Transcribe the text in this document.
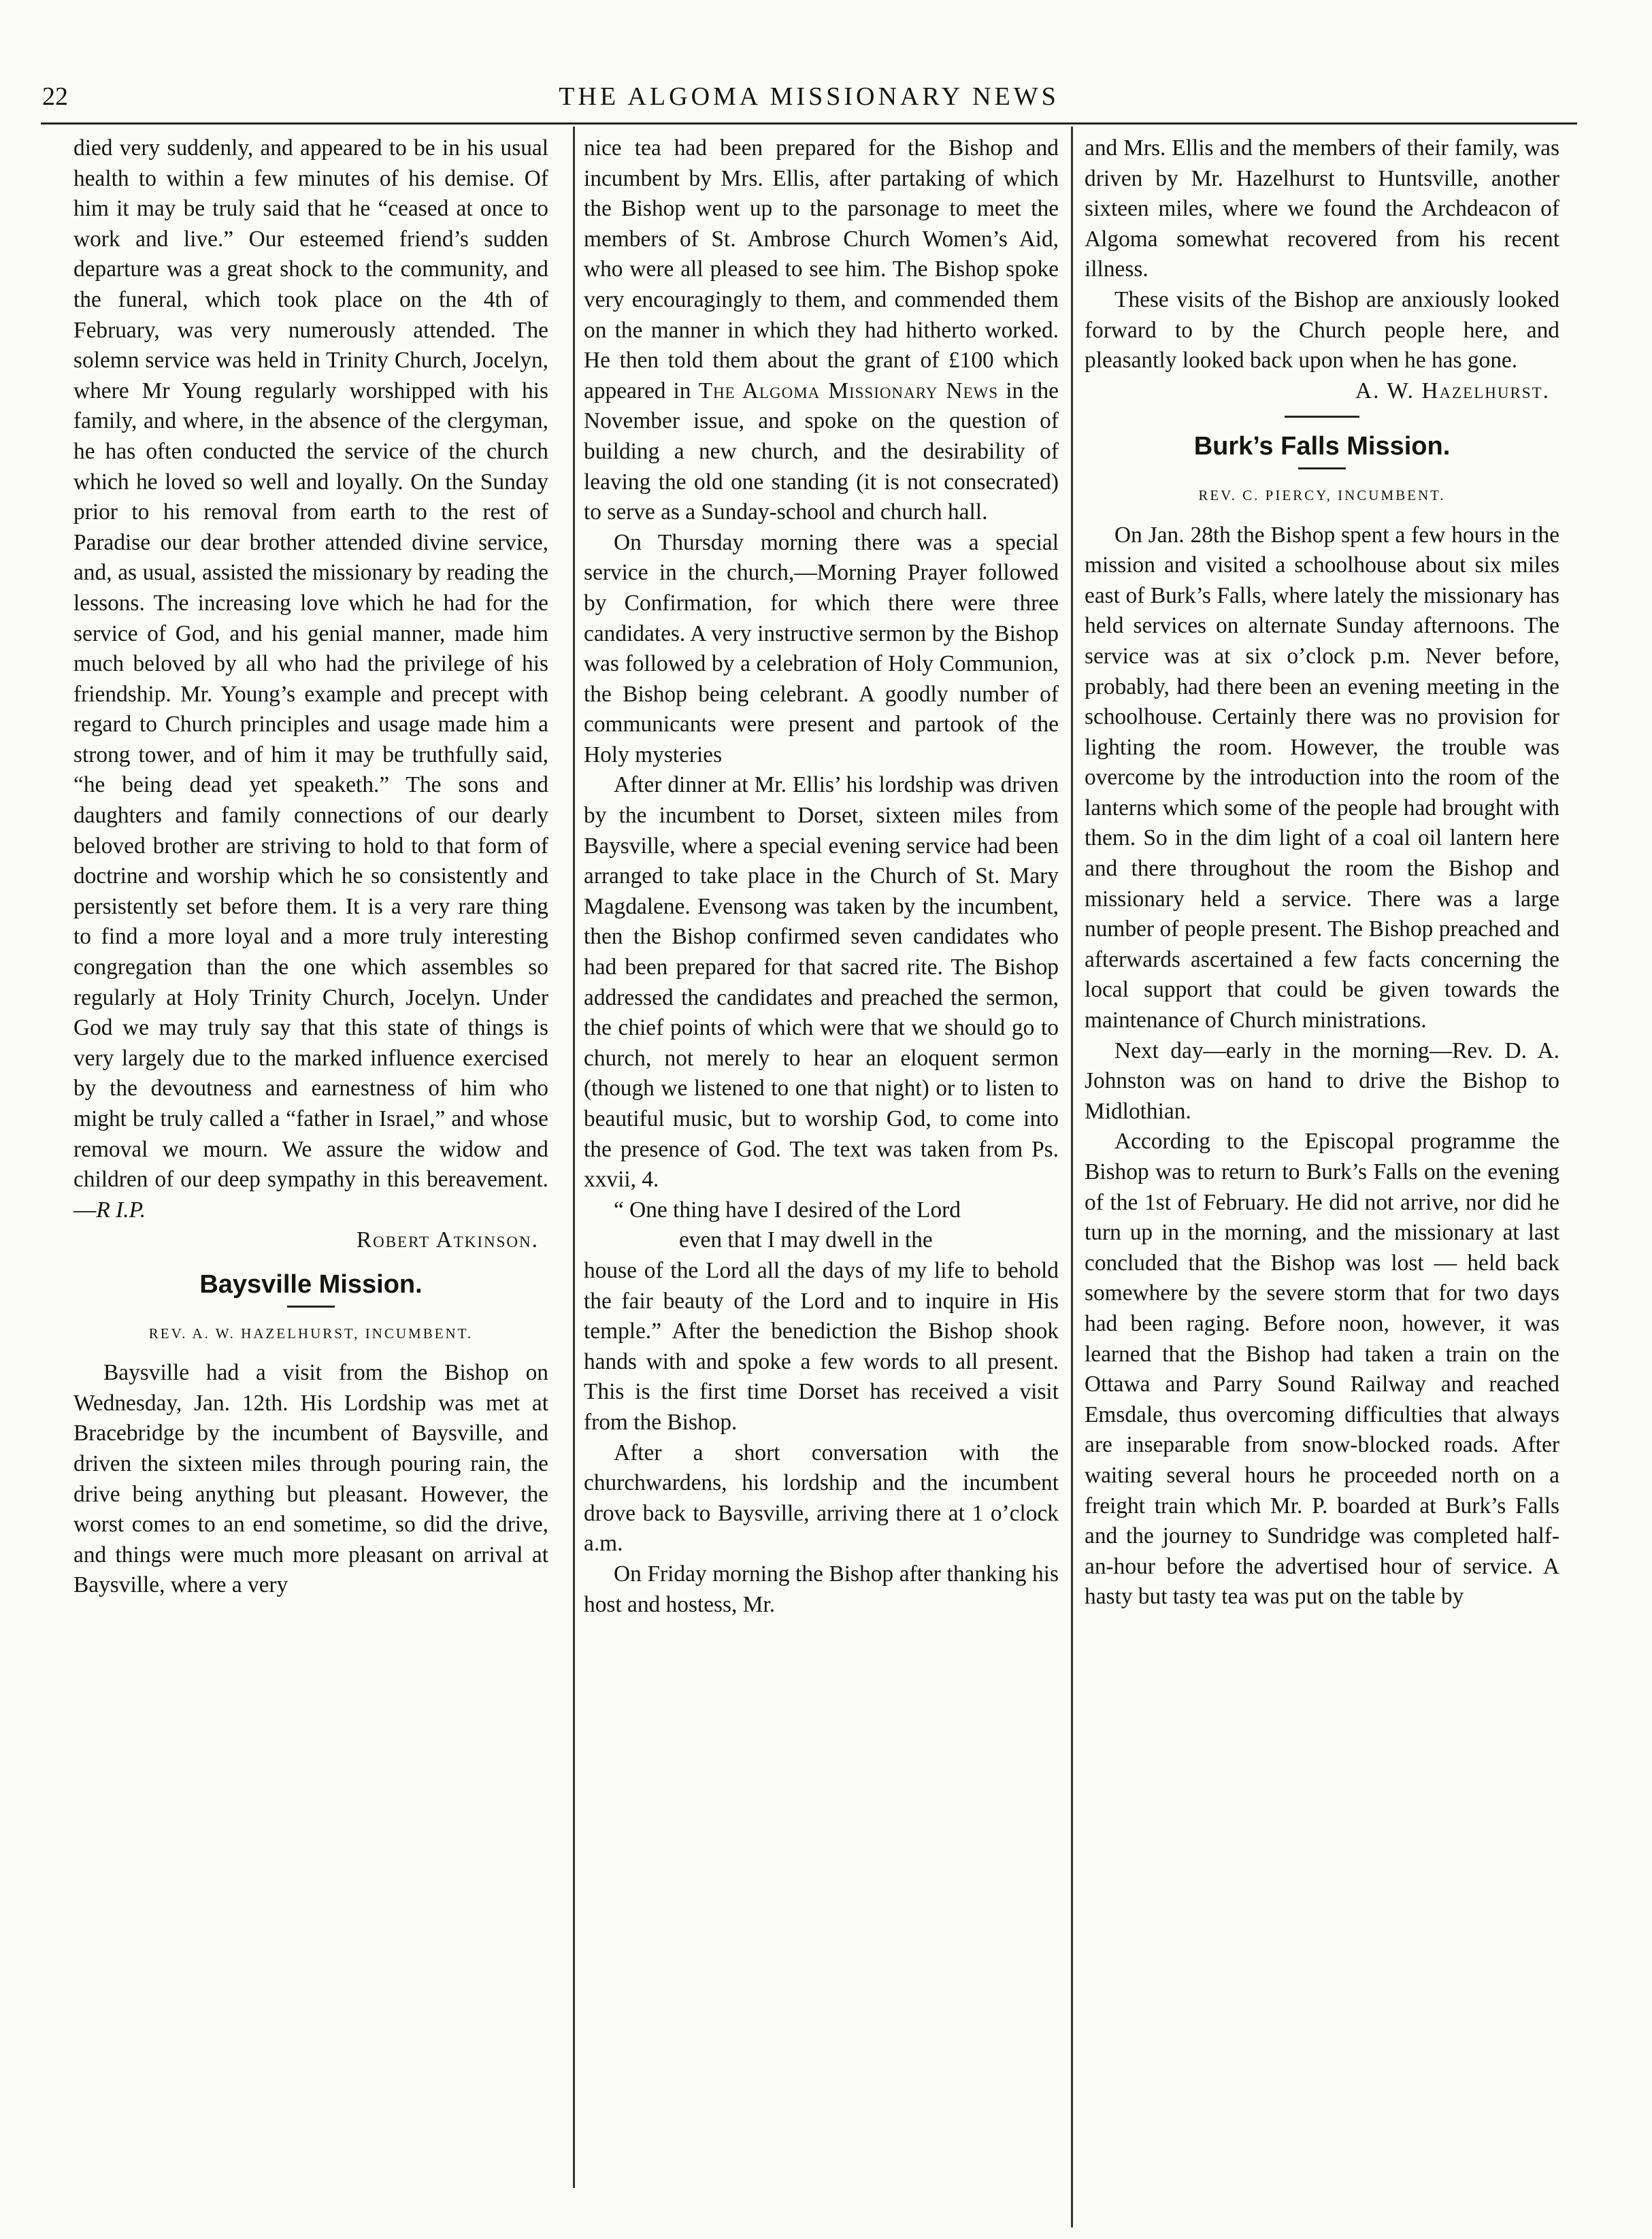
22	THE ALGOMA MISSIONARY NEWS

died very suddenly, and appeared to be in his usual health to within a few minutes of his demise. Of him it may be truly said that he “ceased at once to work and live.” Our esteemed friend’s sudden departure was a great shock to the community, and the funeral, which took place on the 4th of February, was very numerously attended. The solemn service was held in Trinity Church, Jocelyn, where Mr Young regularly worshipped with his family, and where, in the absence of the clergyman, he has often conducted the service of the church which he loved so well and loyally. On the Sunday prior to his removal from earth to the rest of Paradise our dear brother attended divine service, and, as usual, assisted the missionary by reading the lessons. The increasing love which he had for the service of God, and his genial manner, made him much beloved by all who had the privilege of his friendship. Mr. Young’s example and precept with regard to Church principles and usage made him a strong tower, and of him it may be truthfully said, “he being dead yet speaketh.” The sons and daughters and family connections of our dearly beloved brother are striving to hold to that form of doctrine and worship which he so consistently and persistently set before them. It is a very rare thing to find a more loyal and a more truly interesting congregation than the one which assembles so regularly at Holy Trinity Church, Jocelyn. Under God we may truly say that this state of things is very largely due to the marked influence exercised by the devoutness and earnestness of him who might be truly called a “father in Israel,” and whose removal we mourn. We assure the widow and children of our deep sympathy in this bereavement.—R I.P.

Robert Atkinson.

Baysville Mission.
REV. A. W. HAZELHURST, INCUMBENT.

Baysville had a visit from the Bishop on Wednesday, Jan. 12th. His Lordship was met at Bracebridge by the incumbent of Baysville, and driven the sixteen miles through pouring rain, the drive being anything but pleasant. However, the worst comes to an end sometime, so did the drive, and things were much more pleasant on arrival at Baysville, where a very

nice tea had been prepared for the Bishop and incumbent by Mrs. Ellis, after partaking of which the Bishop went up to the parsonage to meet the members of St. Ambrose Church Women’s Aid, who were all pleased to see him. The Bishop spoke very encouragingly to them, and commended them on the manner in which they had hitherto worked. He then told them about the grant of £100 which appeared in The Algoma Missionary News in the November issue, and spoke on the question of building a new church, and the desirability of leaving the old one standing (it is not consecrated) to serve as a Sunday-school and church hall.

On Thursday morning there was a special service in the church,—Morning Prayer followed by Confirmation, for which there were three candidates. A very instructive sermon by the Bishop was followed by a celebration of Holy Communion, the Bishop being celebrant. A goodly number of communicants were present and partook of the Holy mysteries

After dinner at Mr. Ellis’ his lordship was driven by the incumbent to Dorset, sixteen miles from Baysville, where a special evening service had been arranged to take place in the Church of St. Mary Magdalene. Evensong was taken by the incumbent, then the Bishop confirmed seven candidates who had been prepared for that sacred rite. The Bishop addressed the candidates and preached the sermon, the chief points of which were that we should go to church, not merely to hear an eloquent sermon (though we listened to one that night) or to listen to beautiful music, but to worship God, to come into the presence of God. The text was taken from Ps. xxvii, 4.

“ One thing have I desired of the Lord

even that I may dwell in the

house of the Lord all the days of my life to behold the fair beauty of the Lord and to inquire in His temple.” After the benediction the Bishop shook hands with and spoke a few words to all present. This is the first time Dorset has received a visit from the Bishop.

After a short conversation with the churchwardens, his lordship and the incumbent drove back to Baysville, arriving there at 1 o’clock a.m.

On Friday morning the Bishop after thanking his host and hostess, Mr.

and Mrs. Ellis and the members of their family, was driven by Mr. Hazelhurst to Huntsville, another sixteen miles, where we found the Archdeacon of Algoma somewhat recovered from his recent illness.

These visits of the Bishop are anxiously looked forward to by the Church people here, and pleasantly looked back upon when he has gone.

A. W. Hazelhurst.

Burk’s Falls Mission.
REV. C. PIERCY, INCUMBENT.

On Jan. 28th the Bishop spent a few hours in the mission and visited a schoolhouse about six miles east of Burk’s Falls, where lately the missionary has held services on alternate Sunday afternoons. The service was at six o’clock p.m. Never before, probably, had there been an evening meeting in the schoolhouse. Certainly there was no provision for lighting the room. However, the trouble was overcome by the introduction into the room of the lanterns which some of the people had brought with them. So in the dim light of a coal oil lantern here and there throughout the room the Bishop and missionary held a service. There was a large number of people present. The Bishop preached and afterwards ascertained a few facts concerning the local support that could be given towards the maintenance of Church ministrations.

Next day—early in the morning—Rev. D. A. Johnston was on hand to drive the Bishop to Midlothian.

According to the Episcopal programme the Bishop was to return to Burk’s Falls on the evening of the 1st of February. He did not arrive, nor did he turn up in the morning, and the missionary at last concluded that the Bishop was lost — held back somewhere by the severe storm that for two days had been raging. Before noon, however, it was learned that the Bishop had taken a train on the Ottawa and Parry Sound Railway and reached Emsdale, thus overcoming difficulties that always are inseparable from snow-blocked roads. After waiting several hours he proceeded north on a freight train which Mr. P. boarded at Burk’s Falls and the journey to Sundridge was completed half-an-hour before the advertised hour of service. A hasty but tasty tea was put on the table by
